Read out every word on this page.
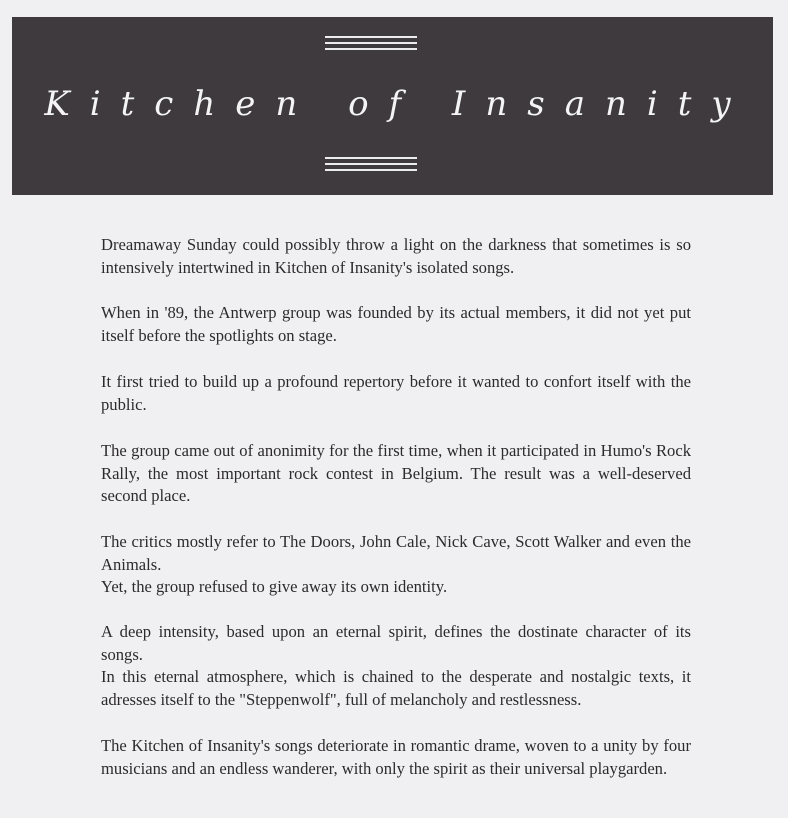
Kitchen of Insanity

Dreamaway Sunday could possibly throw a light on the darkness that sometimes is so intensively intertwined in Kitchen of Insanity's isolated songs.

When in '89, the Antwerp group was founded by its actual members, it did not yet put itself before the spotlights on stage.

It first tried to build up a profound repertory before it wanted to confort itself with the public.

The group came out of anonimity for the first time, when it participated in Humo's Rock Rally, the most important rock contest in Belgium. The result was a well-deserved second place.

The critics mostly refer to The Doors, John Cale, Nick Cave, Scott Walker and even the Animals.

Yet, the group refused to give away its own identity.

A deep intensity, based upon an eternal spirit, defines the dostinate character of its songs.

In this eternal atmosphere, which is chained to the desperate and nostalgic texts, it adresses itself to the "Steppenwolf", full of melancholy and restlessness.

The Kitchen of Insanity's songs deteriorate in romantic drame, woven to a unity by four musicians and an endless wanderer, with only the spirit as their universal playgarden.
